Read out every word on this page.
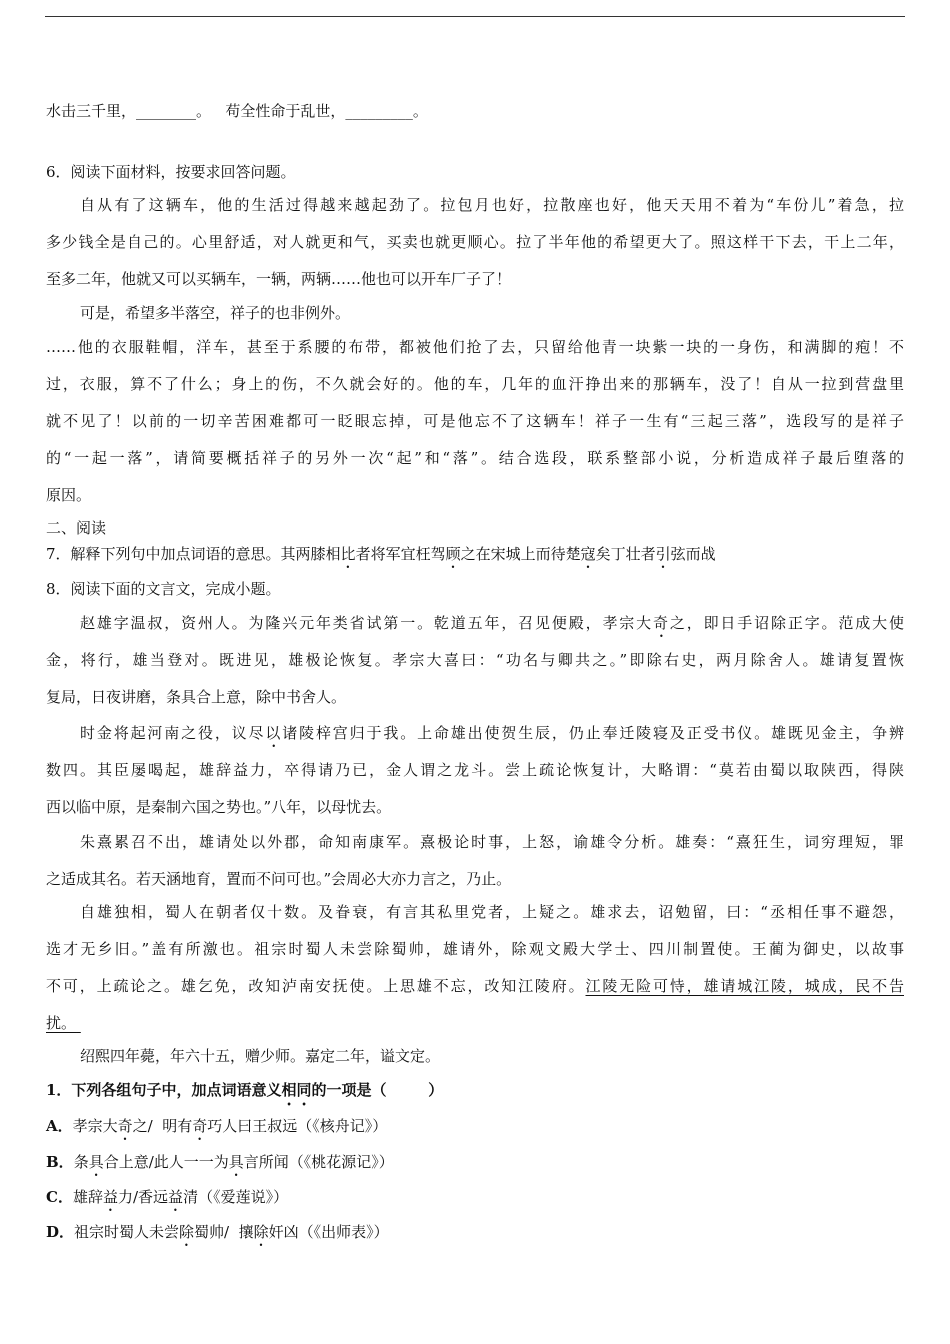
水击三千里，________。   苟全性命于乱世，_________。
6．阅读下面材料，按要求回答问题。
自从有了这辆车，他的生活过得越来越起劲了。拉包月也好，拉散座也好，他天天用不着为“车份儿”着急，拉
多少钱全是自己的。心里舒适，对人就更和气，买卖也就更顺心。拉了半年他的希望更大了。照这样干下去，干上二年，
至多二年，他就又可以买辆车，一辆，两辆……他也可以开车厂子了！
可是，希望多半落空，祥子的也非例外。
……他的衣服鞋帽，洋车，甚至于系腰的布带，都被他们抢了去，只留给他青一块紫一块的一身伤，和满脚的疱！不
过，衣服，算不了什么；身上的伤，不久就会好的。他的车，几年的血汗挣出来的那辆车，没了！自从一拉到营盘里
就不见了！以前的一切辛苦困难都可一眨眼忘掉，可是他忘不了这辆车！祥子一生有“三起三落”，选段写的是祥子
的“一起一落”，请简要概括祥子的另外一次“起”和“落”。结合选段，联系整部小说，分析造成祥子最后堕落的
原因。
二、阅读
7．解释下列句中加点词语的意思。其两膝相比者将军宜枉驾顾之在宋城上而待楚寇矣丁壮者引弦而战
8．阅读下面的文言文，完成小题。
赵雄字温叔，资州人。为隆兴元年类省试第一。乾道五年，召见便殿，孝宗大奇之，即日手诏除正字。范成大使
金，将行，雄当登对。既进见，雄极论恢复。孝宗大喜曰：“功名与卿共之。”即除右史，两月除舍人。雄请复置恢
复局，日夜讲磨，条具合上意，除中书舍人。
时金将起河南之役，议尽以诸陵梓宫归于我。上命雄出使贺生辰，仍止奉迁陵寝及正受书仪。雄既见金主，争辨
数四。其臣屡喝起，雄辞益力，卒得请乃已，金人谓之龙斗。尝上疏论恢复计，大略谓：“莫若由蜀以取陕西，得陕
西以临中原，是秦制六国之势也。”八年，以母忧去。
朱熹累召不出，雄请处以外郡，命知南康军。熹极论时事，上怒，谕雄令分析。雄奏：“熹狂生，词穷理短，罪
之适成其名。若天涵地育，置而不问可也。”会周必大亦力言之，乃止。
自雄独相，蜀人在朝者仅十数。及眷衰，有言其私里党者，上疑之。雄求去，诏勉留，曰：“丞相任事不避怨，
选才无乡旧。”盖有所激也。祖宗时蜀人未尝除蜀帅，雄请外，除观文殿大学士、四川制置使。王蔺为御史，以故事
不可，上疏论之。雄乞免，改知泸南安抚使。上思雄不忘，改知江陵府。江陵无险可恃，雄请城江陵，城成，民不告
扰。
绍熙四年薨，年六十五，赠少师。嘉定二年，谥文定。
1．下列各组句子中，加点词语意义相同的一项是（        ）
A．孝宗大奇之/  明有奇巧人曰王叔远（《核舟记》）
B．条具合上意/此人一一为具言所闻（《桃花源记》）
C．雄辞益力/香远益清（《爱莲说》）
D．祖宗时蜀人未尝除蜀帅/  攘除奸凶（《出师表》）
